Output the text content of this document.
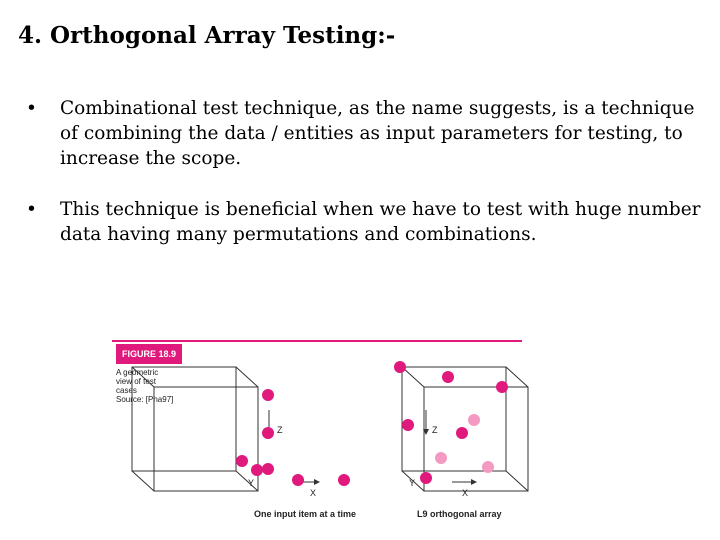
4. Orthogonal Array Testing:-
• Combinational test technique, as the name suggests, is a technique of combining the data / entities as input parameters for testing, to increase the scope.
• This technique is beneficial when we have to test with huge number data having many permutations and combinations.
FIGURE 18.9
A geometric
view of test
cases
Source: [Pha97]
Z
X
Y
Z
X
Y
One input item at a time	L9 orthogonal array
